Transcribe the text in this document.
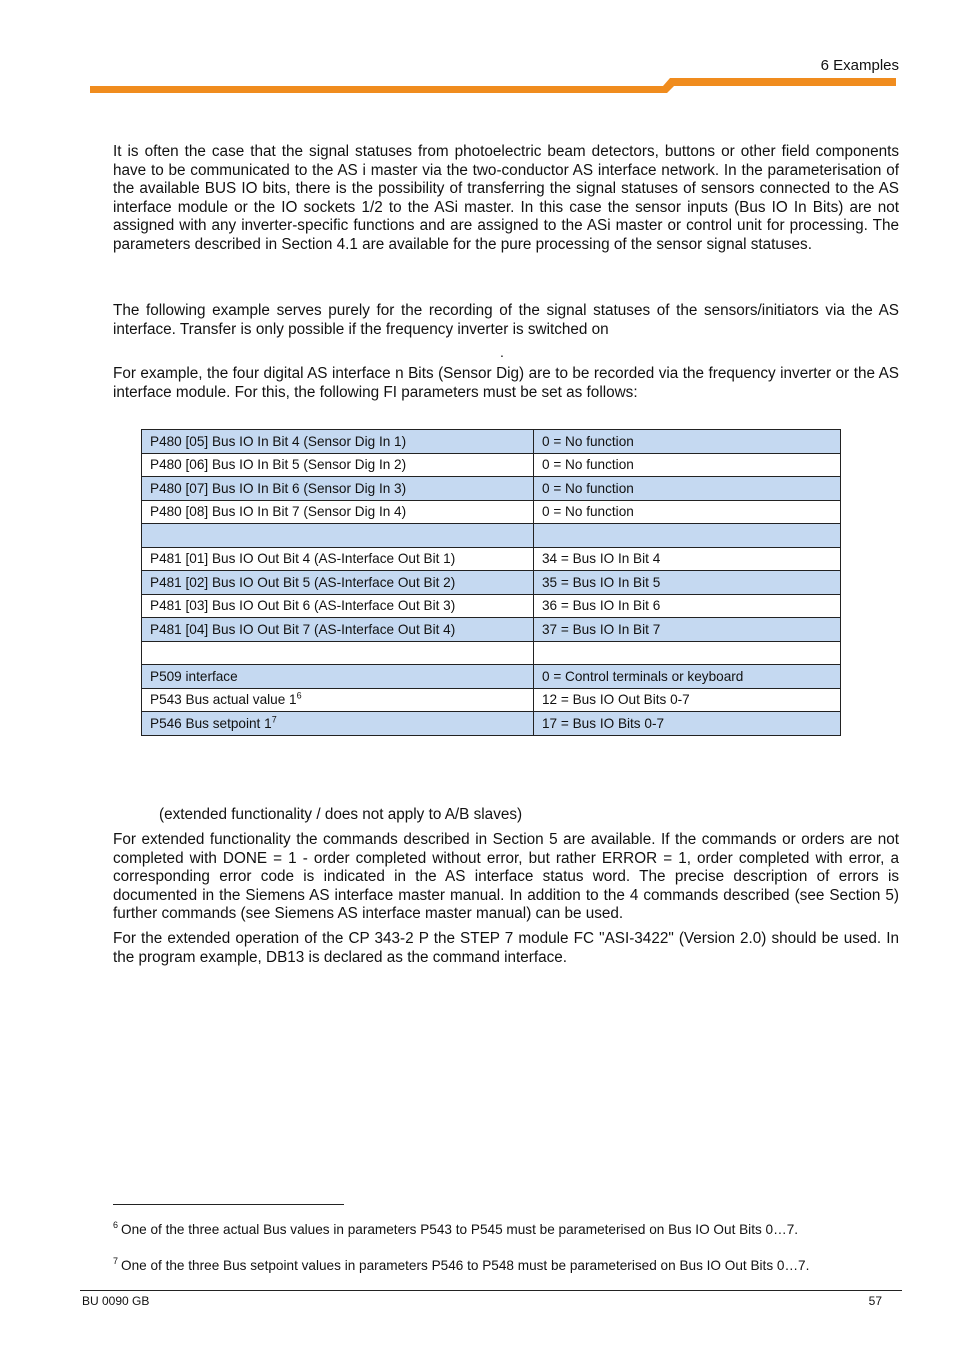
6 Examples

It is often the case that the signal statuses from photoelectric beam detectors, buttons or other field components have to be communicated to the AS i master via the two-conductor AS interface network. In the parameterisation of the available BUS IO bits, there is the possibility of transferring the signal statuses of sensors connected to the AS interface module or the IO sockets 1/2 to the ASi master. In this case the sensor inputs (Bus IO In Bits) are not assigned with any inverter-specific functions and are assigned to the ASi master or control unit for processing. The parameters described in Section 4.1 are available for the pure processing of the sensor signal statuses.

The following example serves purely for the recording of the signal statuses of the sensors/initiators via the AS interface. Transfer is only possible if the frequency inverter is switched on

.

For example, the four digital AS interface n Bits (Sensor Dig) are to be recorded via the frequency inverter or the AS interface module. For this, the following FI parameters must be set as follows:

P480 [05] Bus IO In Bit 4 (Sensor Dig In 1)	0 = No function
P480 [06] Bus IO In Bit 5 (Sensor Dig In 2)	0 = No function
P480 [07] Bus IO In Bit 6 (Sensor Dig In 3)	0 = No function
P480 [08] Bus IO In Bit 7 (Sensor Dig In 4)	0 = No function

P481 [01] Bus IO Out Bit 4 (AS-Interface Out Bit 1)	34 = Bus IO In Bit 4
P481 [02] Bus IO Out Bit 5 (AS-Interface Out Bit 2)	35 = Bus IO In Bit 5
P481 [03] Bus IO Out Bit 6 (AS-Interface Out Bit 3)	36 = Bus IO In Bit 6
P481 [04] Bus IO Out Bit 7 (AS-Interface Out Bit 4)	37 = Bus IO In Bit 7

P509 interface	0 = Control terminals or keyboard
P543 Bus actual value $1^6$	12 = Bus IO Out Bits 0-7
P546 Bus setpoint $1^7$	17 = Bus IO Bits 0-7
(extended functionality / does not apply to A/B slaves)

For extended functionality the commands described in Section 5 are available. If the commands or orders are not completed with DONE = 1 - order completed without error, but rather ERROR = 1, order completed with error, a corresponding error code is indicated in the AS interface status word. The precise description of errors is documented in the Siemens AS interface master manual. In addition to the 4 commands described (see Section 5) further commands (see Siemens AS interface master manual) can be used.

For the extended operation of the CP 343-2 P the STEP 7 module FC "ASI-3422" (Version 2.0) should be used. In the program example, DB13 is declared as the command interface.

$^6$ One of the three actual Bus values in parameters P543 to P545 must be parameterised on Bus IO Out Bits 0…7.
$^7$ One of the three Bus setpoint values in parameters P546 to P548 must be parameterised on Bus IO Out Bits 0…7.
BU 0090 GB	57
